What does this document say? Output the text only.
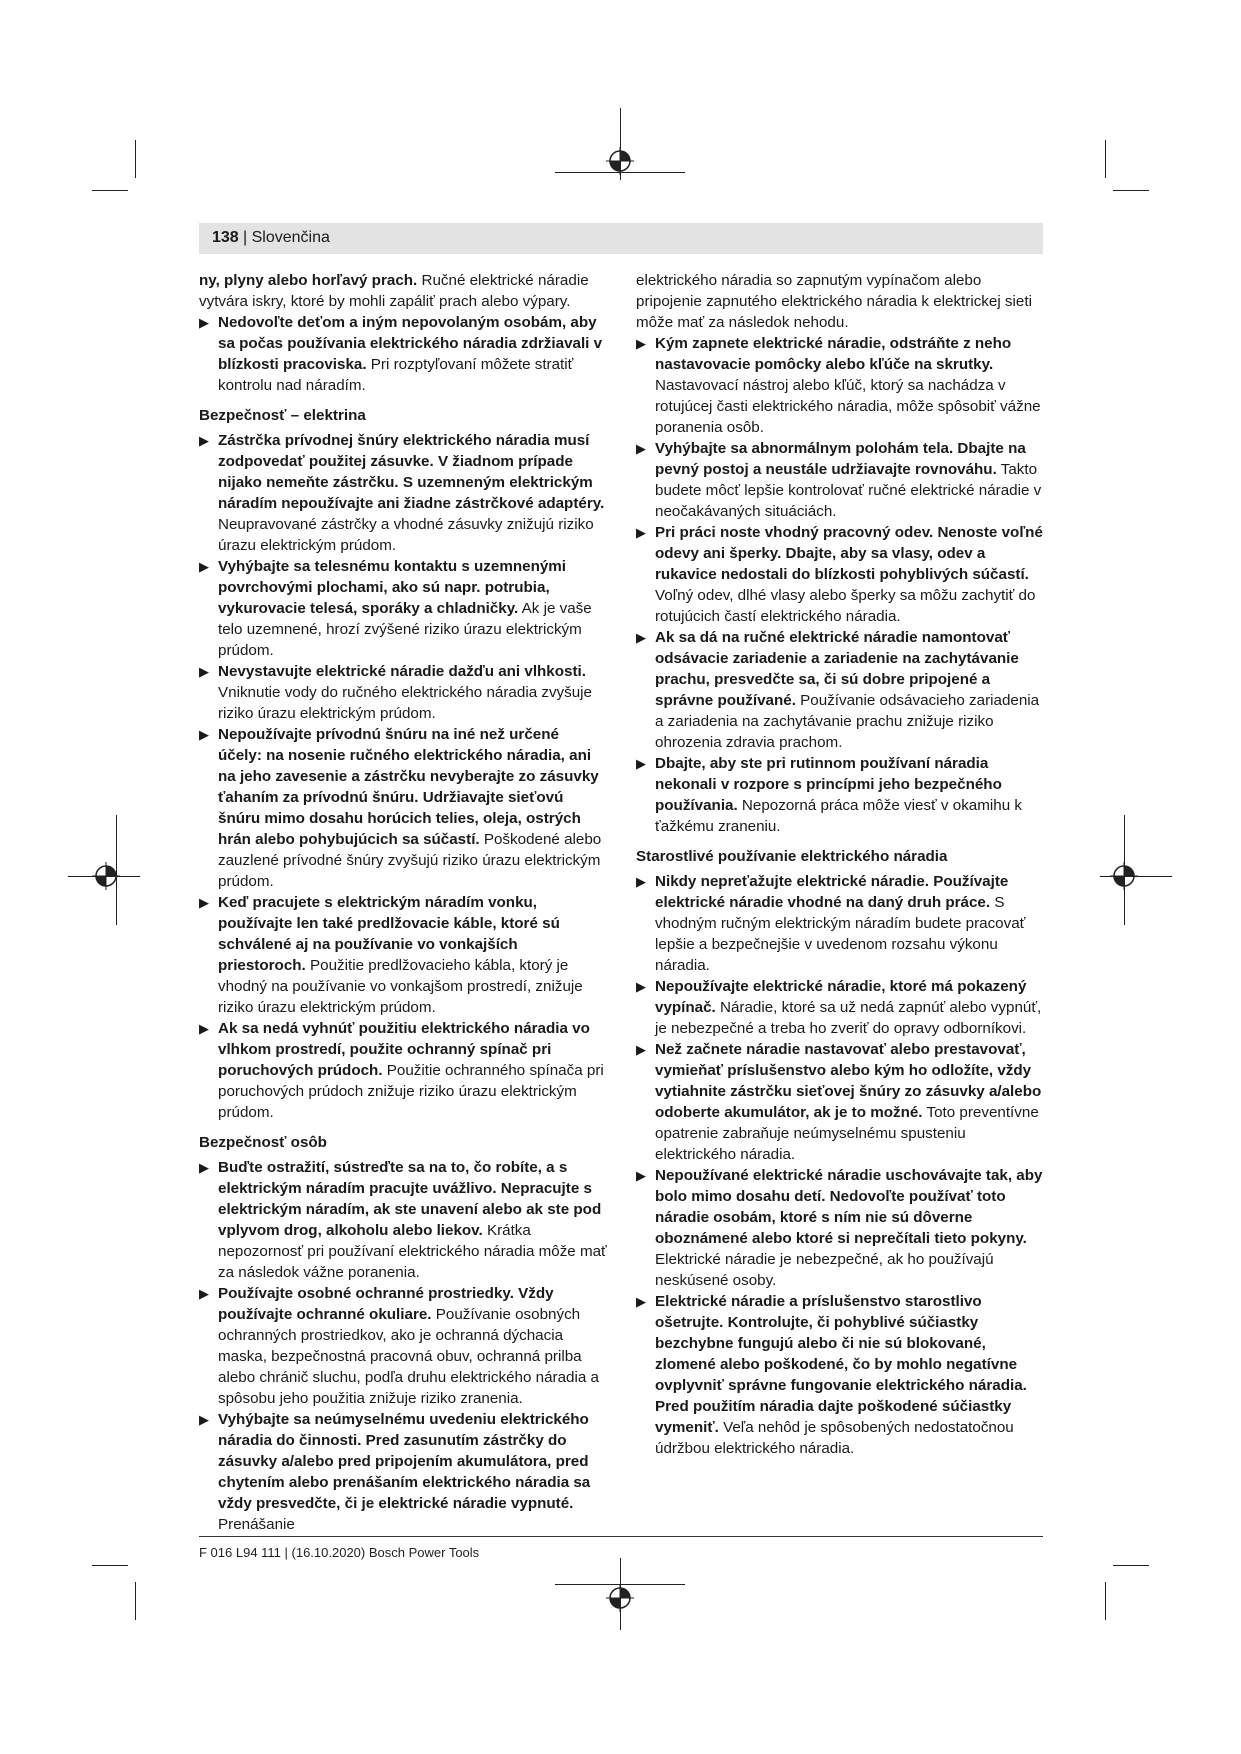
138 | Slovenčina

ny, plyny alebo horľavý prach. Ručné elektrické náradie vytvára iskry, ktoré by mohli zapáliť prach alebo výpary.

▶ Nedovoľte deťom a iným nepovolaným osobám, aby sa počas používania elektrického náradia zdržiavali v blízkosti pracoviska. Pri rozptyľovaní môžete stratiť kontrolu nad náradím.

Bezpečnosť – elektrina

▶ Zástrčka prívodnej šnúry elektrického náradia musí zodpovedať použitej zásuvke. V žiadnom prípade nijako nemeňte zástrčku. S uzemneným elektrickým náradím nepoužívajte ani žiadne zástrčkové adaptéry. Neupravované zástrčky a vhodné zásuvky znižujú riziko úrazu elektrickým prúdom.

▶ Vyhýbajte sa telesnému kontaktu s uzemnenými povrchovými plochami, ako sú napr. potrubia, vykurovacie telesá, sporáky a chladničky. Ak je vaše telo uzemnené, hrozí zvýšené riziko úrazu elektrickým prúdom.

▶ Nevystavujte elektrické náradie dažďu ani vlhkosti. Vniknutie vody do ručného elektrického náradia zvyšuje riziko úrazu elektrickým prúdom.

▶ Nepoužívajte prívodnú šnúru na iné než určené účely: na nosenie ručného elektrického náradia, ani na jeho zavesenie a zástrčku nevyberajte zo zásuvky ťahaním za prívodnú šnúru. Udržiavajte sieťovú šnúru mimo dosahu horúcich telies, oleja, ostrých hrán alebo pohybujúcich sa súčastí. Poškodené alebo zauzlené prívodné šnúry zvyšujú riziko úrazu elektrickým prúdom.

▶ Keď pracujete s elektrickým náradím vonku, používajte len také predlžovacie káble, ktoré sú schválené aj na používanie vo vonkajších priestoroch. Použitie predlžovacieho kábla, ktorý je vhodný na používanie vo vonkajšom prostredí, znižuje riziko úrazu elektrickým prúdom.

▶ Ak sa nedá vyhnúť použitiu elektrického náradia vo vlhkom prostredí, použite ochranný spínač pri poruchových prúdoch. Použitie ochranného spínača pri poruchových prúdoch znižuje riziko úrazu elektrickým prúdom.

Bezpečnosť osôb

▶ Buďte ostražití, sústreďte sa na to, čo robíte, a s elektrickým náradím pracujte uvážlivo. Nepracujte s elektrickým náradím, ak ste unavení alebo ak ste pod vplyvom drog, alkoholu alebo liekov. Krátka nepozornosť pri používaní elektrického náradia môže mať za následok vážne poranenia.

▶ Používajte osobné ochranné prostriedky. Vždy používajte ochranné okuliare. Používanie osobných ochranných prostriedkov, ako je ochranná dýchacia maska, bezpečnostná pracovná obuv, ochranná prilba alebo chránič sluchu, podľa druhu elektrického náradia a spôsobu jeho použitia znižuje riziko zranenia.

▶ Vyhýbajte sa neúmyselnému uvedeniu elektrického náradia do činnosti. Pred zasunutím zástrčky do zásuvky a/alebo pred pripojením akumulátora, pred chytením alebo prenášaním elektrického náradia sa vždy presvedčte, či je elektrické náradie vypnuté. Prenášanie

elektrického náradia so zapnutým vypínačom alebo pripojenie zapnutého elektrického náradia k elektrickej sieti môže mať za následok nehodu.

▶ Kým zapnete elektrické náradie, odstráňte z neho nastavovacie pomôcky alebo kľúče na skrutky. Nastavovací nástroj alebo kľúč, ktorý sa nachádza v rotujúcej časti elektrického náradia, môže spôsobiť vážne poranenia osôb.

▶ Vyhýbajte sa abnormálnym polohám tela. Dbajte na pevný postoj a neustále udržiavajte rovnováhu. Takto budete môcť lepšie kontrolovať ručné elektrické náradie v neočakávaných situáciách.

▶ Pri práci noste vhodný pracovný odev. Nenoste voľné odevy ani šperky. Dbajte, aby sa vlasy, odev a rukavice nedostali do blízkosti pohyblivých súčastí. Voľný odev, dlhé vlasy alebo šperky sa môžu zachytiť do rotujúcich častí elektrického náradia.

▶ Ak sa dá na ručné elektrické náradie namontovať odsávacie zariadenie a zariadenie na zachytávanie prachu, presvedčte sa, či sú dobre pripojené a správne používané. Používanie odsávacieho zariadenia a zariadenia na zachytávanie prachu znižuje riziko ohrozenia zdravia prachom.

▶ Dbajte, aby ste pri rutinnom používaní náradia nekonali v rozpore s princípmi jeho bezpečného používania. Nepozorná práca môže viesť v okamihu k ťažkému zraneniu.

Starostlivé používanie elektrického náradia

▶ Nikdy nepreťažujte elektrické náradie. Používajte elektrické náradie vhodné na daný druh práce. S vhodným ručným elektrickým náradím budete pracovať lepšie a bezpečnejšie v uvedenom rozsahu výkonu náradia.

▶ Nepoužívajte elektrické náradie, ktoré má pokazený vypínač. Náradie, ktoré sa už nedá zapnúť alebo vypnúť, je nebezpečné a treba ho zveriť do opravy odborníkovi.

▶ Než začnete náradie nastavovať alebo prestavovať, vymieňať príslušenstvo alebo kým ho odložíte, vždy vytiahnite zástrčku sieťovej šnúry zo zásuvky a/alebo odoberte akumulátor, ak je to možné. Toto preventívne opatrenie zabraňuje neúmyselnému spusteniu elektrického náradia.

▶ Nepoužívané elektrické náradie uschovávajte tak, aby bolo mimo dosahu detí. Nedovoľte používať toto náradie osobám, ktoré s ním nie sú dôverne oboznámené alebo ktoré si neprečítali tieto pokyny. Elektrické náradie je nebezpečné, ak ho používajú neskúsené osoby.

▶ Elektrické náradie a príslušenstvo starostlivo ošetrujte. Kontrolujte, či pohyblivé súčiastky bezchybne fungujú alebo či nie sú blokované, zlomené alebo poškodené, čo by mohlo negatívne ovplyvniť správne fungovanie elektrického náradia. Pred použitím náradia dajte poškodené súčiastky vymeniť. Veľa nehôd je spôsobených nedostatočnou údržbou elektrického náradia.

F 016 L94 111 | (16.10.2020) Bosch Power Tools
